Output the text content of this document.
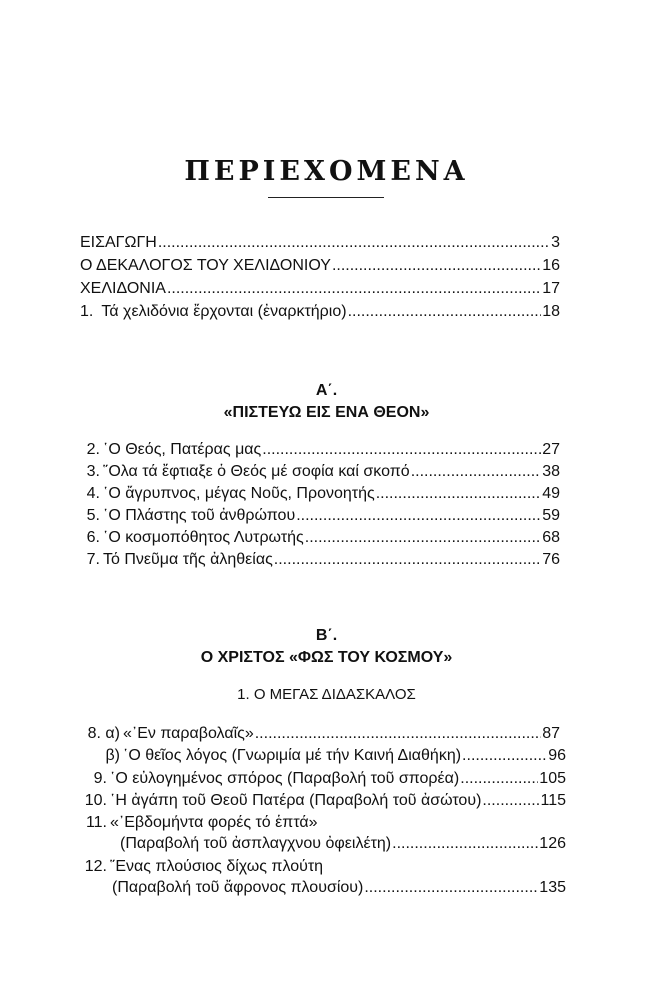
ΠΕΡΙΕΧΟΜΕΝΑ
ΕΙΣΑΓΩΓΗ .....	3
Ο ΔΕΚΑΛΟΓΟΣ ΤΟΥ ΧΕΛΙΔΟΝΙΟΥ .....	16
ΧΕΛΙΔΟΝΙΑ .....	17
1. Τά χελιδόνια ἔρχονται (ἐναρκτήριο) .....	18
Α΄.
«ΠΙΣΤΕΥΩ ΕΙΣ ΕΝΑ ΘΕΟΝ»
2. ῾Ο Θεός, Πατέρας μας .....	27
3. ῞Ολα τά ἔφτιαξε ὁ Θεός μέ σοφία καί σκοπό .....	38
4. ῾Ο ἄγρυπνος, μέγας Νοῦς, Προνοητής .....	49
5. ῾Ο Πλάστης τοῦ ἀνθρώπου .....	59
6. ῾Ο κοσμοπόθητος Λυτρωτής .....	68
7. Τό Πνεῦμα τῆς ἀληθείας .....	76
Β΄.
Ο ΧΡΙΣΤΟΣ «ΦΩΣ ΤΟΥ ΚΟΣΜΟΥ»
1. Ο ΜΕΓΑΣ ΔΙΔΑΣΚΑΛΟΣ
8. α) «᾿Εν παραβολαῖς» .....	87
β) ῾Ο θεῖος λόγος (Γνωριμία μέ τήν Καινή Διαθήκη) .....	96
9. ῾Ο εὐλογημένος σπόρος (Παραβολή τοῦ σπορέα) .....	105
10. ῾Η ἀγάπη τοῦ Θεοῦ Πατέρα (Παραβολή τοῦ ἀσώτου) .....	115
11. «᾿Εβδομήντα φορές τό ἑπτά»
(Παραβολή τοῦ ἀσπλαγχνου ὀφειλέτη) .....	126
12. ῞Ενας πλούσιος δίχως πλούτη
(Παραβολή τοῦ ἄφρονος πλουσίου) .....	135
